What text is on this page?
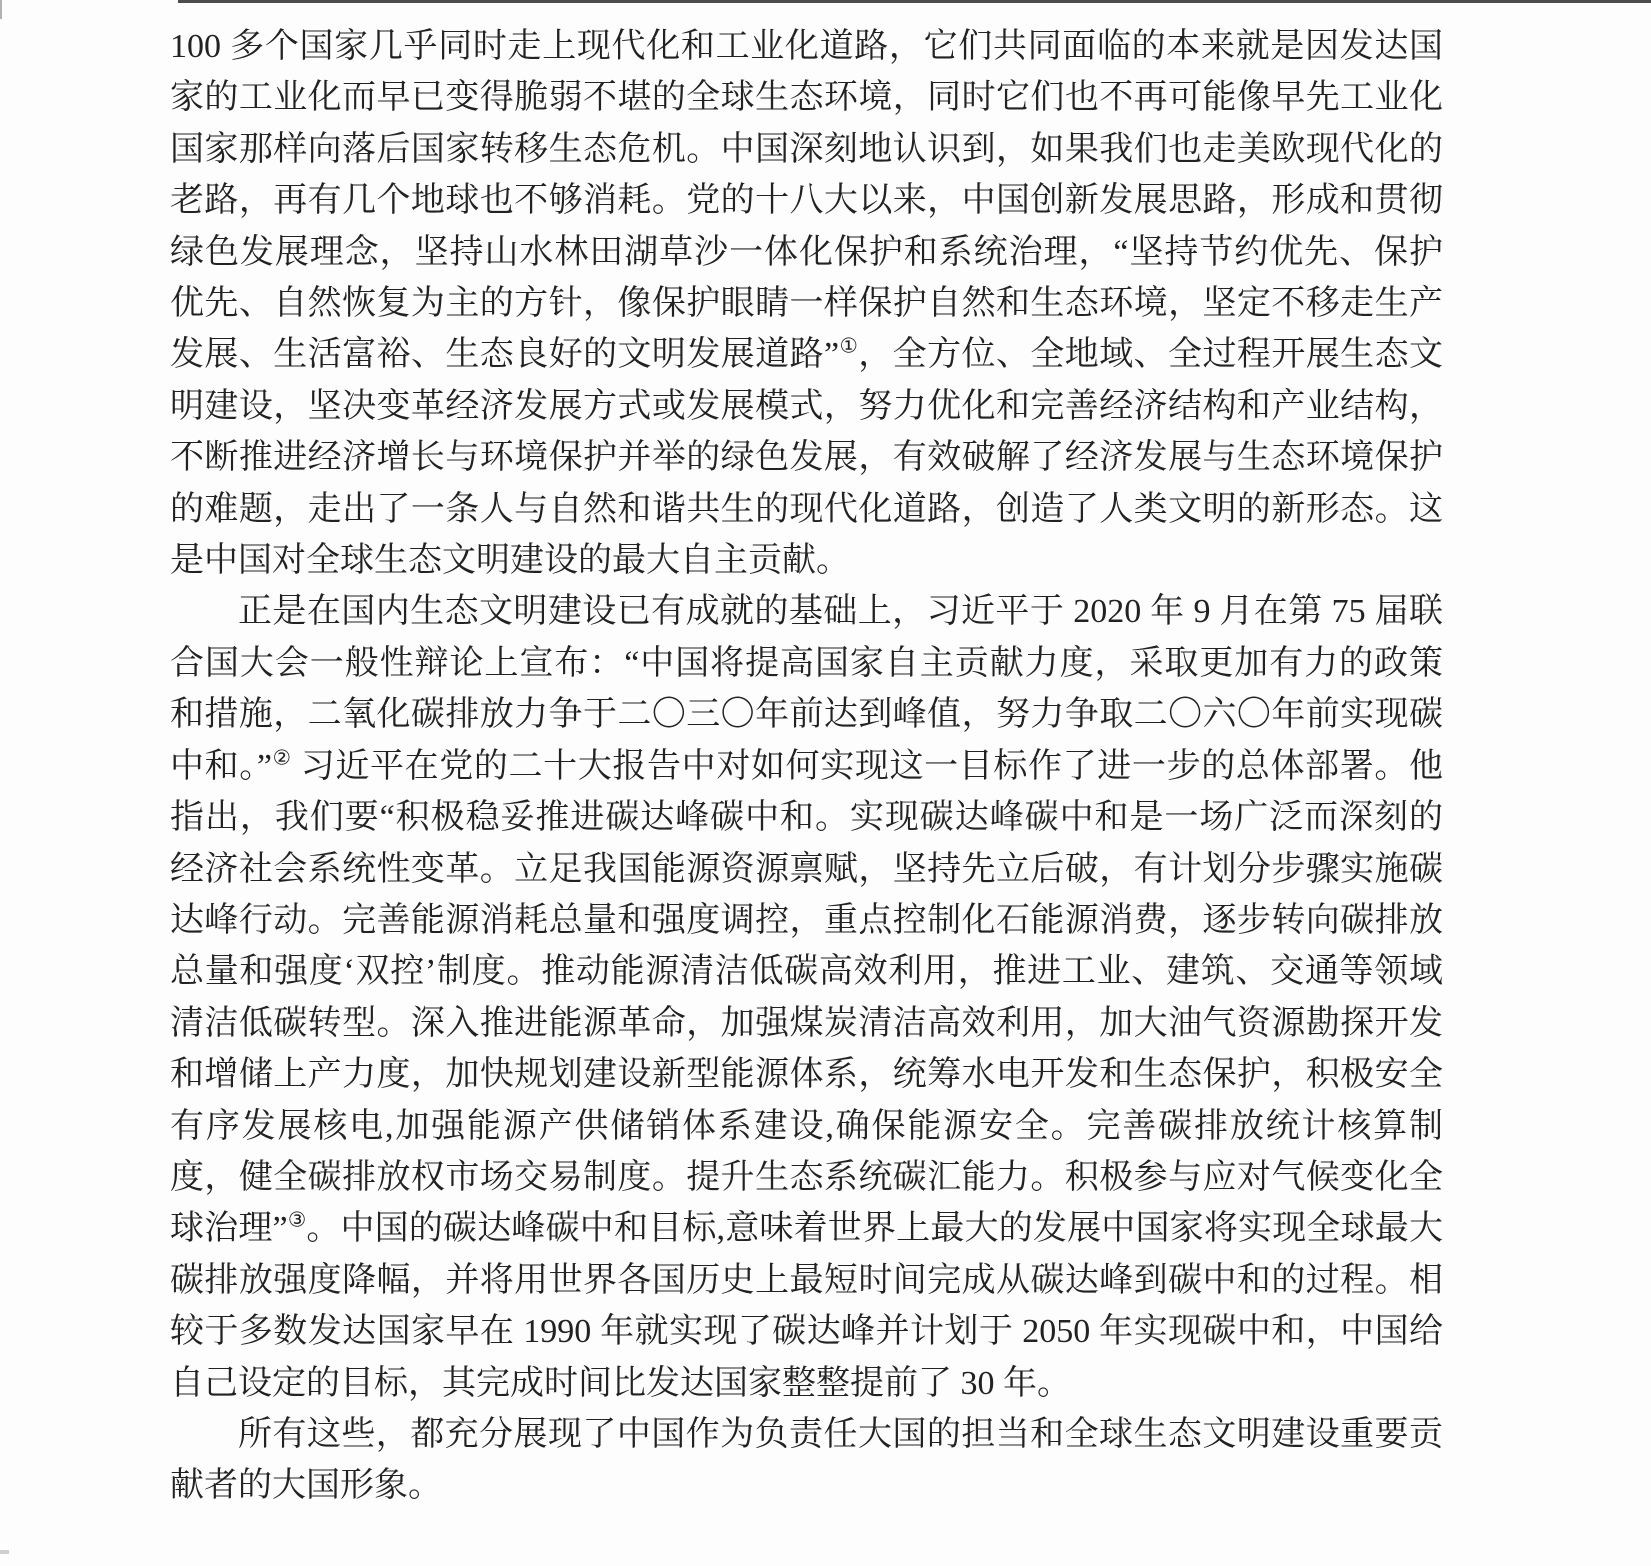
100 多个国家几乎同时走上现代化和工业化道路，它们共同面临的本来就是因发达国家的工业化而早已变得脆弱不堪的全球生态环境，同时它们也不再可能像早先工业化国家那样向落后国家转移生态危机。中国深刻地认识到，如果我们也走美欧现代化的老路，再有几个地球也不够消耗。党的十八大以来，中国创新发展思路，形成和贯彻绿色发展理念，坚持山水林田湖草沙一体化保护和系统治理，“坚持节约优先、保护优先、自然恢复为主的方针，像保护眼睛一样保护自然和生态环境，坚定不移走生产发展、生活富裕、生态良好的文明发展道路”①，全方位、全地域、全过程开展生态文明建设，坚决变革经济发展方式或发展模式，努力优化和完善经济结构和产业结构，不断推进经济增长与环境保护并举的绿色发展，有效破解了经济发展与生态环境保护的难题，走出了一条人与自然和谐共生的现代化道路，创造了人类文明的新形态。这是中国对全球生态文明建设的最大自主贡献。

正是在国内生态文明建设已有成就的基础上，习近平于 2020 年 9 月在第 75 届联合国大会一般性辩论上宣布：“中国将提高国家自主贡献力度，采取更加有力的政策和措施，二氧化碳排放力争于二〇三〇年前达到峰值，努力争取二〇六〇年前实现碳中和。”② 习近平在党的二十大报告中对如何实现这一目标作了进一步的总体部署。他指出，我们要“积极稳妥推进碳达峰碳中和。实现碳达峰碳中和是一场广泛而深刻的经济社会系统性变革。立足我国能源资源禀赋，坚持先立后破，有计划分步骤实施碳达峰行动。完善能源消耗总量和强度调控，重点控制化石能源消费，逐步转向碳排放总量和强度‘双控’制度。推动能源清洁低碳高效利用，推进工业、建筑、交通等领域清洁低碳转型。深入推进能源革命，加强煤炭清洁高效利用，加大油气资源勘探开发和增储上产力度，加快规划建设新型能源体系，统筹水电开发和生态保护，积极安全有序发展核电,加强能源产供储销体系建设,确保能源安全。完善碳排放统计核算制度，健全碳排放权市场交易制度。提升生态系统碳汇能力。积极参与应对气候变化全球治理”③。中国的碳达峰碳中和目标,意味着世界上最大的发展中国家将实现全球最大碳排放强度降幅，并将用世界各国历史上最短时间完成从碳达峰到碳中和的过程。相较于多数发达国家早在 1990 年就实现了碳达峰并计划于 2050 年实现碳中和，中国给自己设定的目标，其完成时间比发达国家整整提前了 30 年。

所有这些，都充分展现了中国作为负责任大国的担当和全球生态文明建设重要贡献者的大国形象。
